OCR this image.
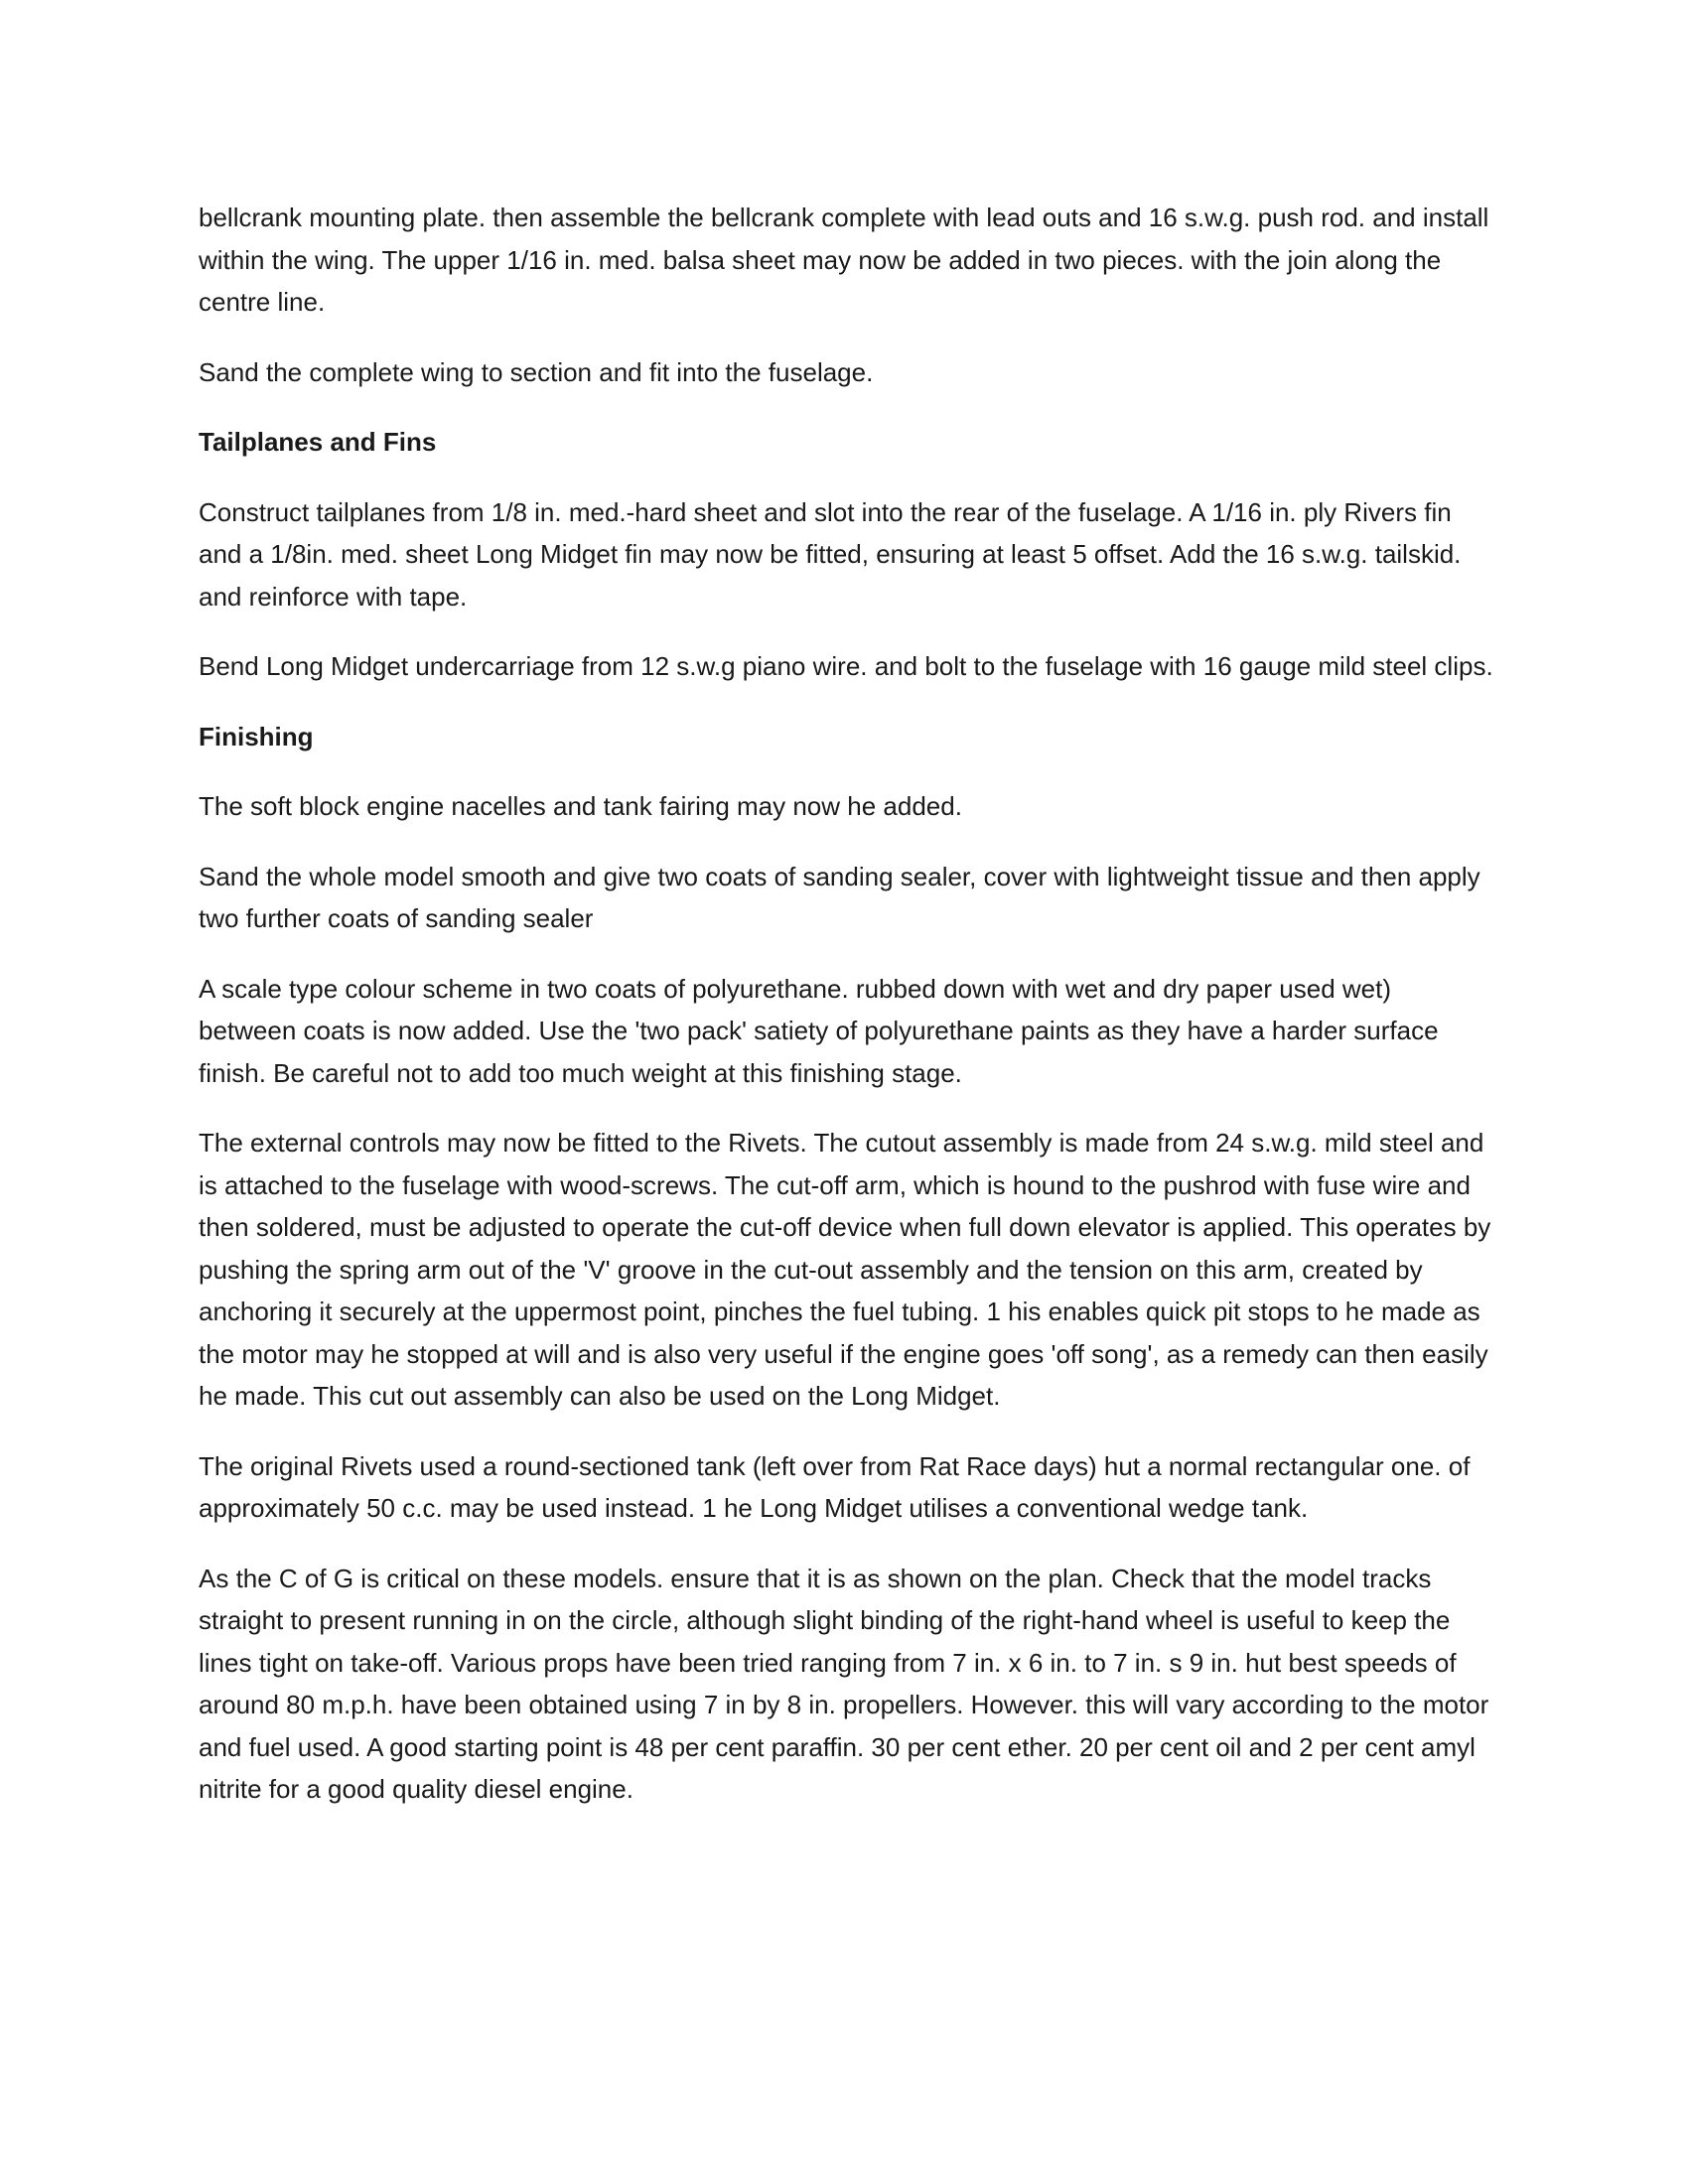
bellcrank mounting plate. then assemble the bellcrank complete with lead outs and 16 s.w.g. push rod. and install within the wing. The upper 1/16 in. med. balsa sheet may now be added in two pieces. with the join along the centre line.

Sand the complete wing to section and fit into the fuselage.

Tailplanes and Fins

Construct tailplanes from 1/8 in. med.-hard sheet and slot into the rear of the fuselage. A 1/16 in. ply Rivers fin and a 1/8in. med. sheet Long Midget fin may now be fitted, ensuring at least 5 offset. Add the 16 s.w.g. tailskid. and reinforce with tape.

Bend Long Midget undercarriage from 12 s.w.g piano wire. and bolt to the fuselage with 16 gauge mild steel clips.

Finishing

The soft block engine nacelles and tank fairing may now he added.

Sand the whole model smooth and give two coats of sanding sealer, cover with lightweight tissue and then apply two further coats of sanding sealer

A scale type colour scheme in two coats of polyurethane. rubbed down with wet and dry paper used wet) between coats is now added. Use the 'two pack' satiety of polyurethane paints as they have a harder surface finish. Be careful not to add too much weight at this finishing stage.

The external controls may now be fitted to the Rivets. The cutout assembly is made from 24 s.w.g. mild steel and is attached to the fuselage with wood-screws. The cut-off arm, which is hound to the pushrod with fuse wire and then soldered, must be adjusted to operate the cut-off device when full down elevator is applied. This operates by pushing the spring arm out of the 'V' groove in the cut-out assembly and the tension on this arm, created by anchoring it securely at the uppermost point, pinches the fuel tubing. 1 his enables quick pit stops to he made as the motor may he stopped at will and is also very useful if the engine goes 'off song', as a remedy can then easily he made. This cut out assembly can also be used on the Long Midget.

The original Rivets used a round-sectioned tank (left over from Rat Race days) hut a normal rectangular one. of approximately 50 c.c. may be used instead. 1 he Long Midget utilises a conventional wedge tank.

As the C of G is critical on these models. ensure that it is as shown on the plan. Check that the model tracks straight to present running in on the circle, although slight binding of the right-hand wheel is useful to keep the lines tight on take-off. Various props have been tried ranging from 7 in. x 6 in. to 7 in. s 9 in. hut best speeds of around 80 m.p.h. have been obtained using 7 in by 8 in. propellers. However. this will vary according to the motor and fuel used. A good starting point is 48 per cent paraffin. 30 per cent ether. 20 per cent oil and 2 per cent amyl nitrite for a good quality diesel engine.
